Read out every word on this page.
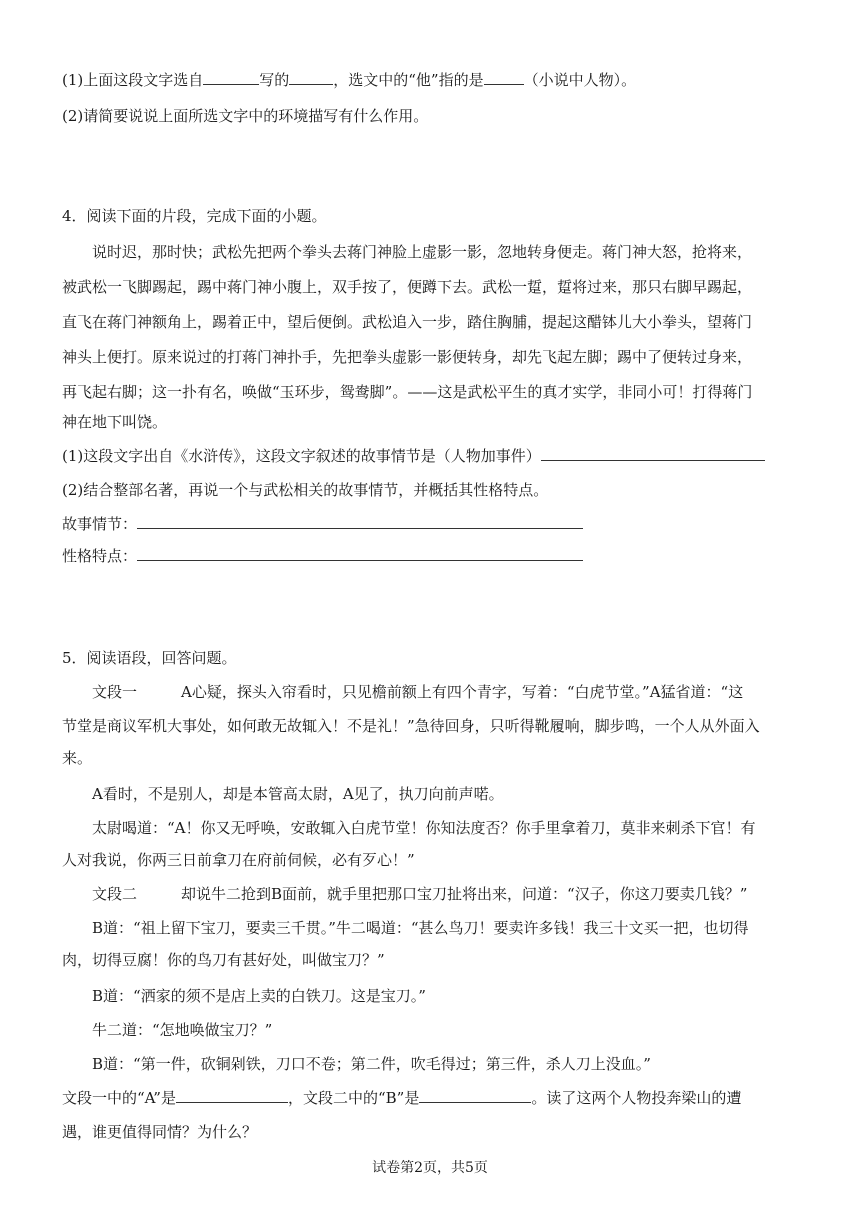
(1)上面这段文字选自	写的	，选文中的“他”指的是	（小说中人物）。
(2)请简要说说上面所选文字中的环境描写有什么作用。
4．阅读下面的片段，完成下面的小题。
说时迟，那时快；武松先把两个拳头去蒋门神脸上虚影一影，忽地转身便走。蒋门神大怒，抢将来，
被武松一飞脚踢起，踢中蒋门神小腹上，双手按了，便蹲下去。武松一踅，踅将过来，那只右脚早踢起，
直飞在蒋门神额角上，踢着正中，望后便倒。武松追入一步，踏住胸脯，提起这醋钵儿大小拳头，望蒋门
神头上便打。原来说过的打蒋门神扑手，先把拳头虚影一影便转身，却先飞起左脚；踢中了便转过身来，
再飞起右脚；这一扑有名，唤做“玉环步，鸳鸯脚”。——这是武松平生的真才实学，非同小可！打得蒋门
神在地下叫饶。
(1)这段文字出自《水浒传》，这段文字叙述的故事情节是（人物加事件）
(2)结合整部名著，再说一个与武松相关的故事情节，并概括其性格特点。
故事情节：
性格特点：
5．阅读语段，回答问题。
文段一	A心疑，探头入帘看时，只见檐前额上有四个青字，写着：“白虎节堂。”A猛省道：“这
节堂是商议军机大事处，如何敢无故辄入！不是礼！”急待回身，只听得靴履响，脚步鸣，一个人从外面入
来。
A看时，不是别人，却是本管高太尉，A见了，执刀向前声喏。
太尉喝道：“A！你又无呼唤，安敢辄入白虎节堂！你知法度否？你手里拿着刀，莫非来刺杀下官！有
人对我说，你两三日前拿刀在府前伺候，必有歹心！”
文段二	却说牛二抢到B面前，就手里把那口宝刀扯将出来，问道：“汉子，你这刀要卖几钱？”
B道：“祖上留下宝刀，要卖三千贯。”牛二喝道：“甚么鸟刀！要卖许多钱！我三十文买一把，也切得
肉，切得豆腐！你的鸟刀有甚好处，叫做宝刀？”
B道：“洒家的须不是店上卖的白铁刀。这是宝刀。”
牛二道：“怎地唤做宝刀？”
B道：“第一件，砍铜剁铁，刀口不卷；第二件，吹毛得过；第三件，杀人刀上没血。”
文段一中的“A”是	，文段二中的“B”是	。读了这两个人物投奔梁山的遭
遇，谁更值得同情？为什么？
试卷第2页，共5页
